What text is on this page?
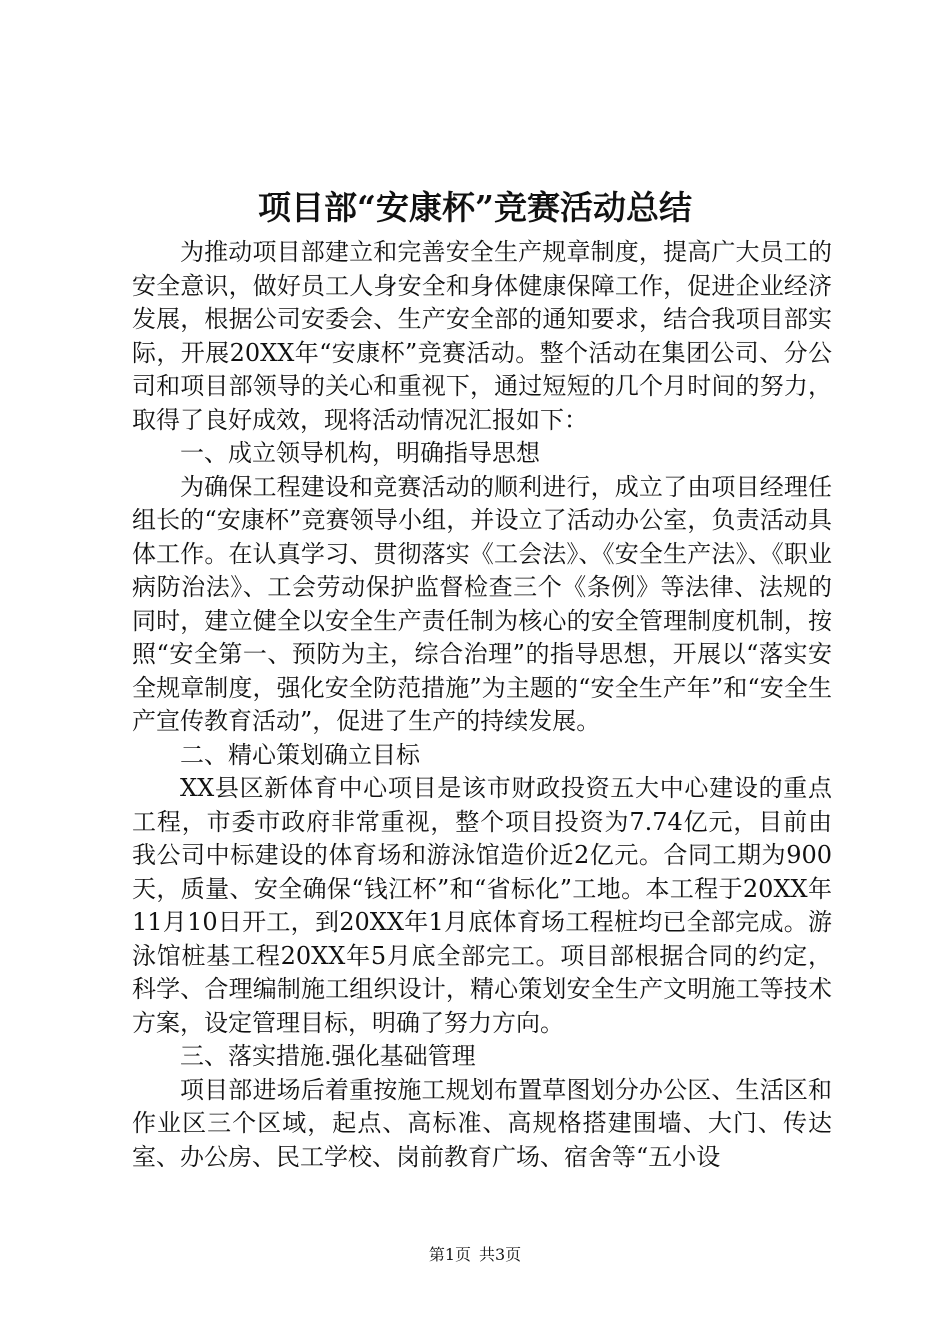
项目部“安康杯”竞赛活动总结

为推动项目部建立和完善安全生产规章制度，提高广大员工的安全意识，做好员工人身安全和身体健康保障工作，促进企业经济发展，根据公司安委会、生产安全部的通知要求，结合我项目部实际，开展20XX年“安康杯”竞赛活动。整个活动在集团公司、分公司和项目部领导的关心和重视下，通过短短的几个月时间的努力，取得了良好成效，现将活动情况汇报如下：

一、成立领导机构，明确指导思想

为确保工程建设和竞赛活动的顺利进行，成立了由项目经理任组长的“安康杯”竞赛领导小组，并设立了活动办公室，负责活动具体工作。在认真学习、贯彻落实《工会法》、《安全生产法》、《职业病防治法》、工会劳动保护监督检查三个《条例》等法律、法规的同时，建立健全以安全生产责任制为核心的安全管理制度机制，按照“安全第一、预防为主，综合治理”的指导思想，开展以“落实安全规章制度，强化安全防范措施”为主题的“安全生产年”和“安全生产宣传教育活动”，促进了生产的持续发展。

二、精心策划确立目标

XX县区新体育中心项目是该市财政投资五大中心建设的重点工程，市委市政府非常重视，整个项目投资为7.74亿元，目前由我公司中标建设的体育场和游泳馆造价近2亿元。合同工期为900天，质量、安全确保“钱江杯”和“省标化”工地。本工程于20XX年11月10日开工，到20XX年1月底体育场工程桩均已全部完成。游泳馆桩基工程20XX年5月底全部完工。项目部根据合同的约定，科学、合理编制施工组织设计，精心策划安全生产文明施工等技术方案，设定管理目标，明确了努力方向。

三、落实措施.强化基础管理

项目部进场后着重按施工规划布置草图划分办公区、生活区和作业区三个区域，起点、高标准、高规格搭建围墙、大门、传达室、办公房、民工学校、岗前教育广场、宿舍等“五小设

第1页 共3页
